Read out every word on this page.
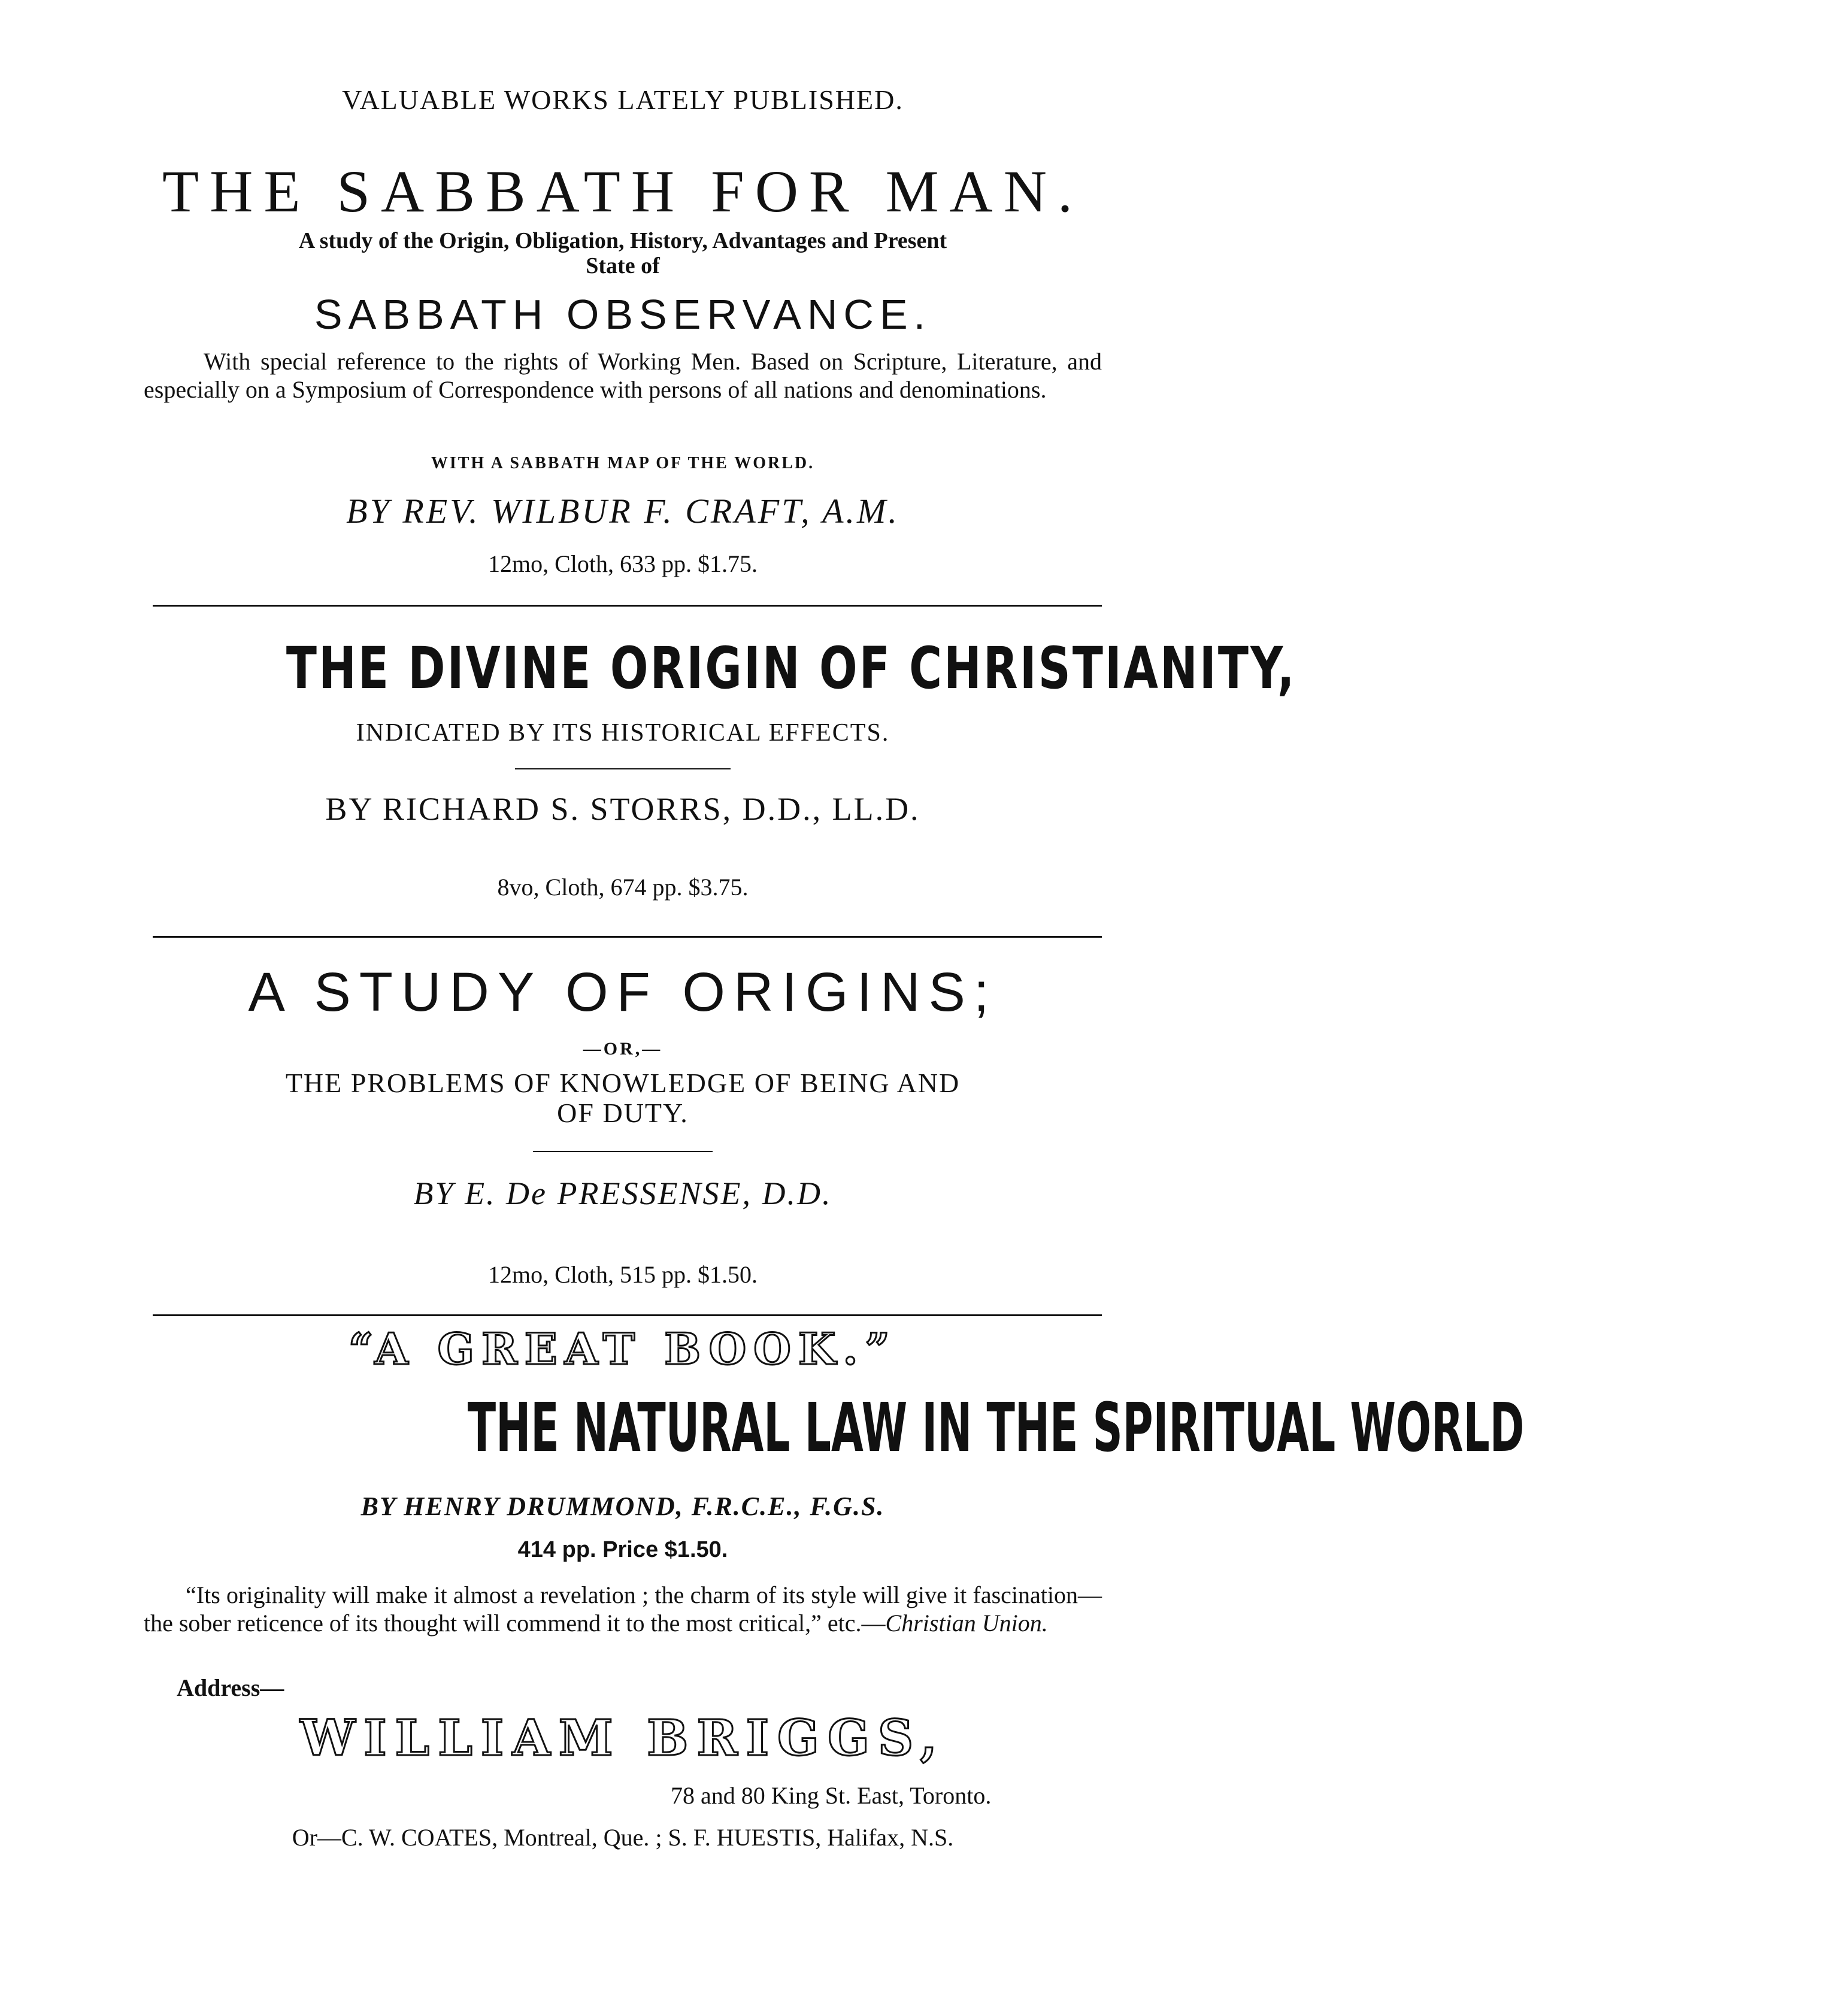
VALUABLE WORKS LATELY PUBLISHED.
THE SABBATH FOR MAN.
A study of the Origin, Obligation, History, Advantages and Present
State of
SABBATH OBSERVANCE.
With special reference to the rights of Working Men. Based on Scripture, Literature, and especially on a Symposium of Correspondence with persons of all nations and denominations.
WITH A SABBATH MAP OF THE WORLD.
BY REV. WILBUR F. CRAFT, A.M.
12mo, Cloth, 633 pp. $1.75.
THE DIVINE ORIGIN OF CHRISTIANITY,
INDICATED BY ITS HISTORICAL EFFECTS.
BY RICHARD S. STORRS, D.D., LL.D.
8vo, Cloth, 674 pp. $3.75.
A STUDY OF ORIGINS;
—OR,—
THE PROBLEMS OF KNOWLEDGE OF BEING AND
OF DUTY.
BY E. De PRESSENSE, D.D.
12mo, Cloth, 515 pp. $1.50.
“A GREAT BOOK.”
THE NATURAL LAW IN THE SPIRITUAL WORLD
BY HENRY DRUMMOND, F.R.C.E., F.G.S.
414 pp. Price $1.50.
“Its originality will make it almost a revelation ; the charm of its style will give it fascination—the sober reticence of its thought will commend it to the most critical,” etc.—Christian Union.
Address—
WILLIAM BRIGGS,
78 and 80 King St. East, Toronto.
Or—C. W. COATES, Montreal, Que. ; S. F. HUESTIS, Halifax, N.S.
